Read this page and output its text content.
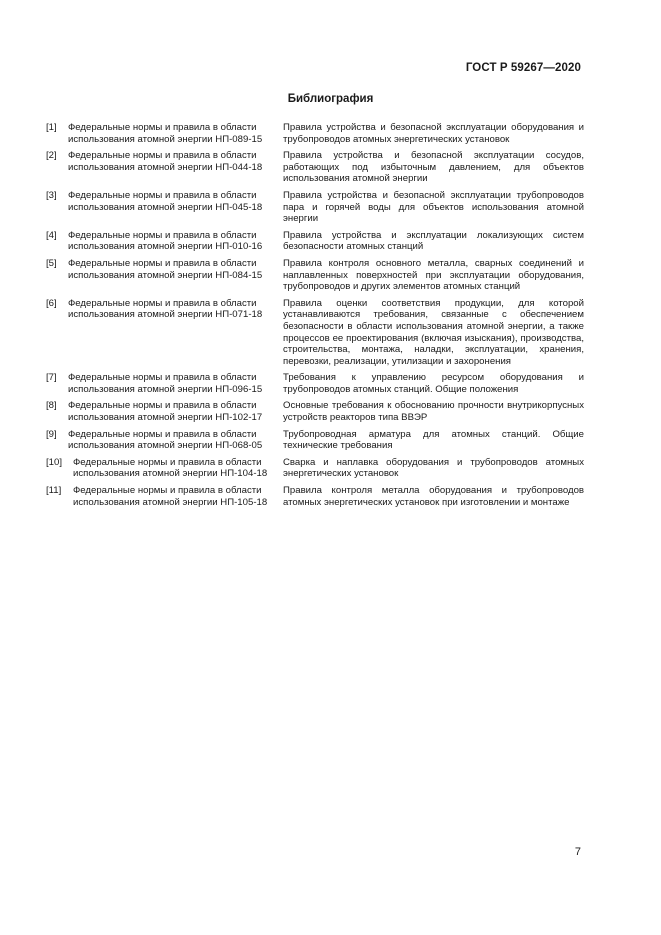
ГОСТ Р 59267—2020
Библиография
[1]	Федеральные нормы и правила в области
использования атомной энергии НП-089-15
Правила устройства и безопасной эксплуатации оборудования и трубопроводов атомных энергетических установок
[2]	Федеральные нормы и правила в области
использования атомной энергии НП-044-18
Правила устройства и безопасной эксплуатации сосудов, работающих под избыточным давлением, для объектов использования атомной энергии
[3]	Федеральные нормы и правила в области
использования атомной энергии НП-045-18
Правила устройства и безопасной эксплуатации трубопроводов пара и горячей воды для объектов использования атомной энергии
[4]	Федеральные нормы и правила в области
использования атомной энергии НП-010-16
Правила устройства и эксплуатации локализующих систем безопасности атомных станций
[5]	Федеральные нормы и правила в области
использования атомной энергии НП-084-15
Правила контроля основного металла, сварных соединений и наплавленных поверхностей при эксплуатации оборудования, трубопроводов и других элементов атомных станций
[6]	Федеральные нормы и правила в области
использования атомной энергии НП-071-18
Правила оценки соответствия продукции, для которой устанавливаются требования, связанные с обеспечением безопасности в области использования атомной энергии, а также процессов ее проектирования (включая изыскания), производства, строительства, монтажа, наладки, эксплуатации, хранения, перевозки, реализации, утилизации и захоронения
[7]	Федеральные нормы и правила в области
использования атомной энергии НП-096-15
Требования к управлению ресурсом оборудования и трубопроводов атомных станций. Общие положения
[8]	Федеральные нормы и правила в области
использования атомной энергии НП-102-17
Основные требования к обоснованию прочности внутрикорпусных устройств реакторов типа ВВЭР
[9]	Федеральные нормы и правила в области
использования атомной энергии НП-068-05
Трубопроводная арматура для атомных станций. Общие технические требования
[10]	Федеральные нормы и правила в области
использования атомной энергии НП-104-18
Сварка и наплавка оборудования и трубопроводов атомных энергетических установок
[11]	Федеральные нормы и правила в области
использования атомной энергии НП-105-18
Правила контроля металла оборудования и трубопроводов атомных энергетических установок при изготовлении и монтаже
7
